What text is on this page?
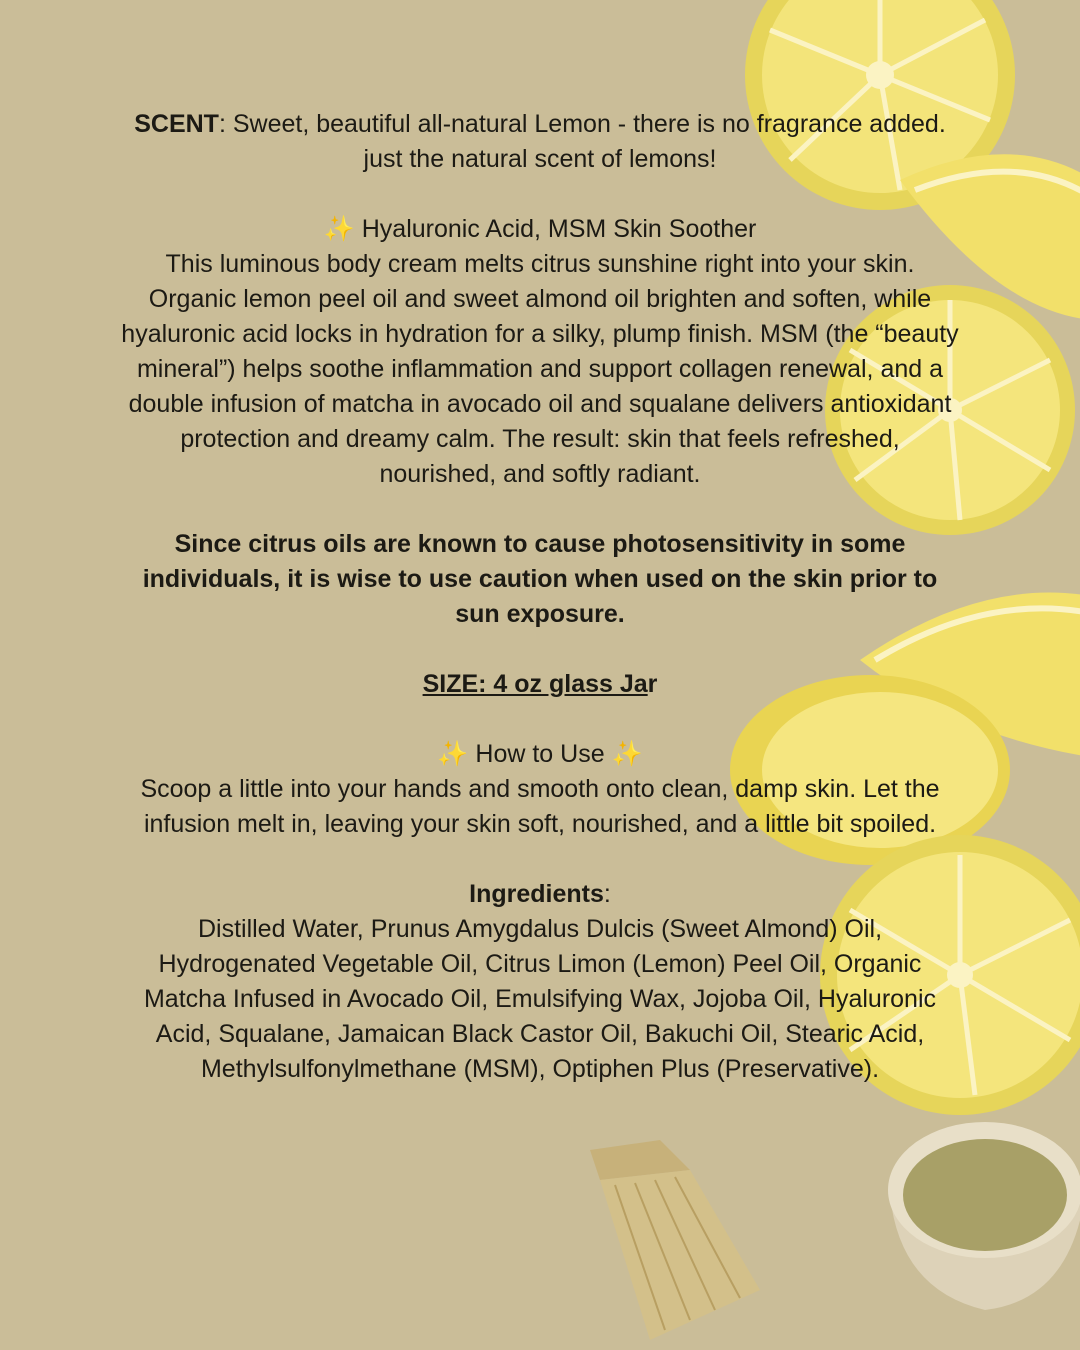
SCENT: Sweet, beautiful all-natural Lemon - there is no fragrance added. just the natural scent of lemons!

✨ Hyaluronic Acid, MSM Skin Soother

This luminous body cream melts citrus sunshine right into your skin. Organic lemon peel oil and sweet almond oil brighten and soften, while hyaluronic acid locks in hydration for a silky, plump finish. MSM (the “beauty mineral”) helps soothe inflammation and support collagen renewal, and a double infusion of matcha in avocado oil and squalane delivers antioxidant protection and dreamy calm. The result: skin that feels refreshed, nourished, and softly radiant.

Since citrus oils are known to cause photosensitivity in some individuals, it is wise to use caution when used on the skin prior to sun exposure.

SIZE: 4 oz glass Jar

✨ How to Use ✨

Scoop a little into your hands and smooth onto clean, damp skin. Let the infusion melt in, leaving your skin soft, nourished, and a little bit spoiled.

Ingredients:

Distilled Water, Prunus Amygdalus Dulcis (Sweet Almond) Oil, Hydrogenated Vegetable Oil, Citrus Limon (Lemon) Peel Oil, Organic Matcha Infused in Avocado Oil, Emulsifying Wax, Jojoba Oil, Hyaluronic Acid, Squalane, Jamaican Black Castor Oil, Bakuchi Oil, Stearic Acid, Methylsulfonylmethane (MSM), Optiphen Plus (Preservative).
